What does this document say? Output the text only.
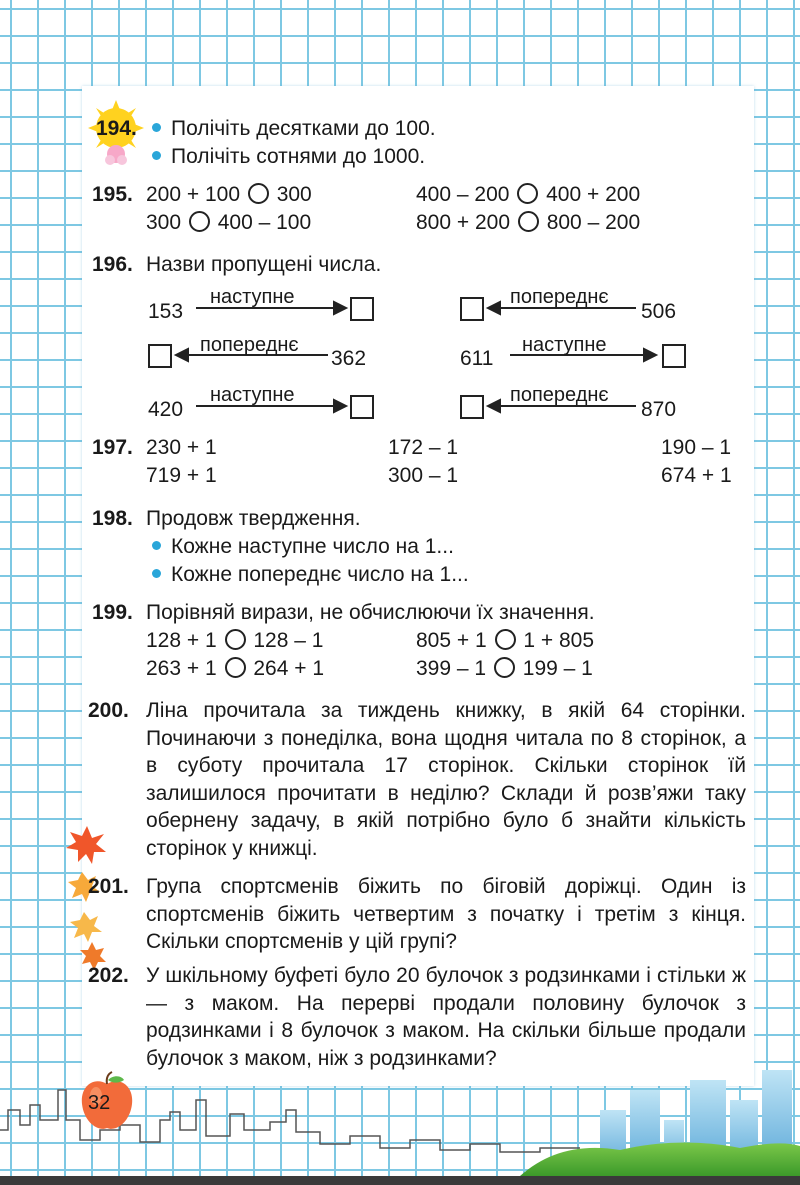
194.	Полічіть десятками до 100.
Полічіть сотнями до 1000.
195. 200 + 100 300	400 – 200 400 + 200
300 400 – 100	800 + 200 800 – 200
196. Назви пропущені числа.
153
наступне	попереднє
506
попереднє
362	611
наступне
420
наступне	попереднє
870
197. 230 + 1	172 – 1	190 – 1
719 + 1	300 – 1	674 + 1
198. Продовж твердження.
Кожне наступне число на 1...
Кожне попереднє число на 1...
199. Порівняй вирази, не обчислюючи їх значення.
128 + 1 128 – 1	805 + 1 1 + 805
263 + 1 264 + 1	399 – 1 199 – 1
200. Ліна прочитала за тиждень книжку, в якій 64 сторінки. Починаючи з понеділка, вона щодня читала по 8 сторінок, а в суботу прочитала 17 сторінок. Скільки сторінок їй залишилося прочитати в неділю? Склади й розв’яжи таку обернену задачу, в якій потрібно було б знайти кількість сторінок у книжці.
201. Група спортсменів біжить по біговій доріжці. Один із спортсменів біжить четвертим з початку і третім з кінця. Скільки спортсменів у цій групі?
202. У шкільному буфеті було 20 булочок з родзинками і стільки ж — з маком. На перерві продали половину булочок з родзинками і 8 булочок з маком. На скільки більше продали булочок з маком, ніж з родзинками?
32
